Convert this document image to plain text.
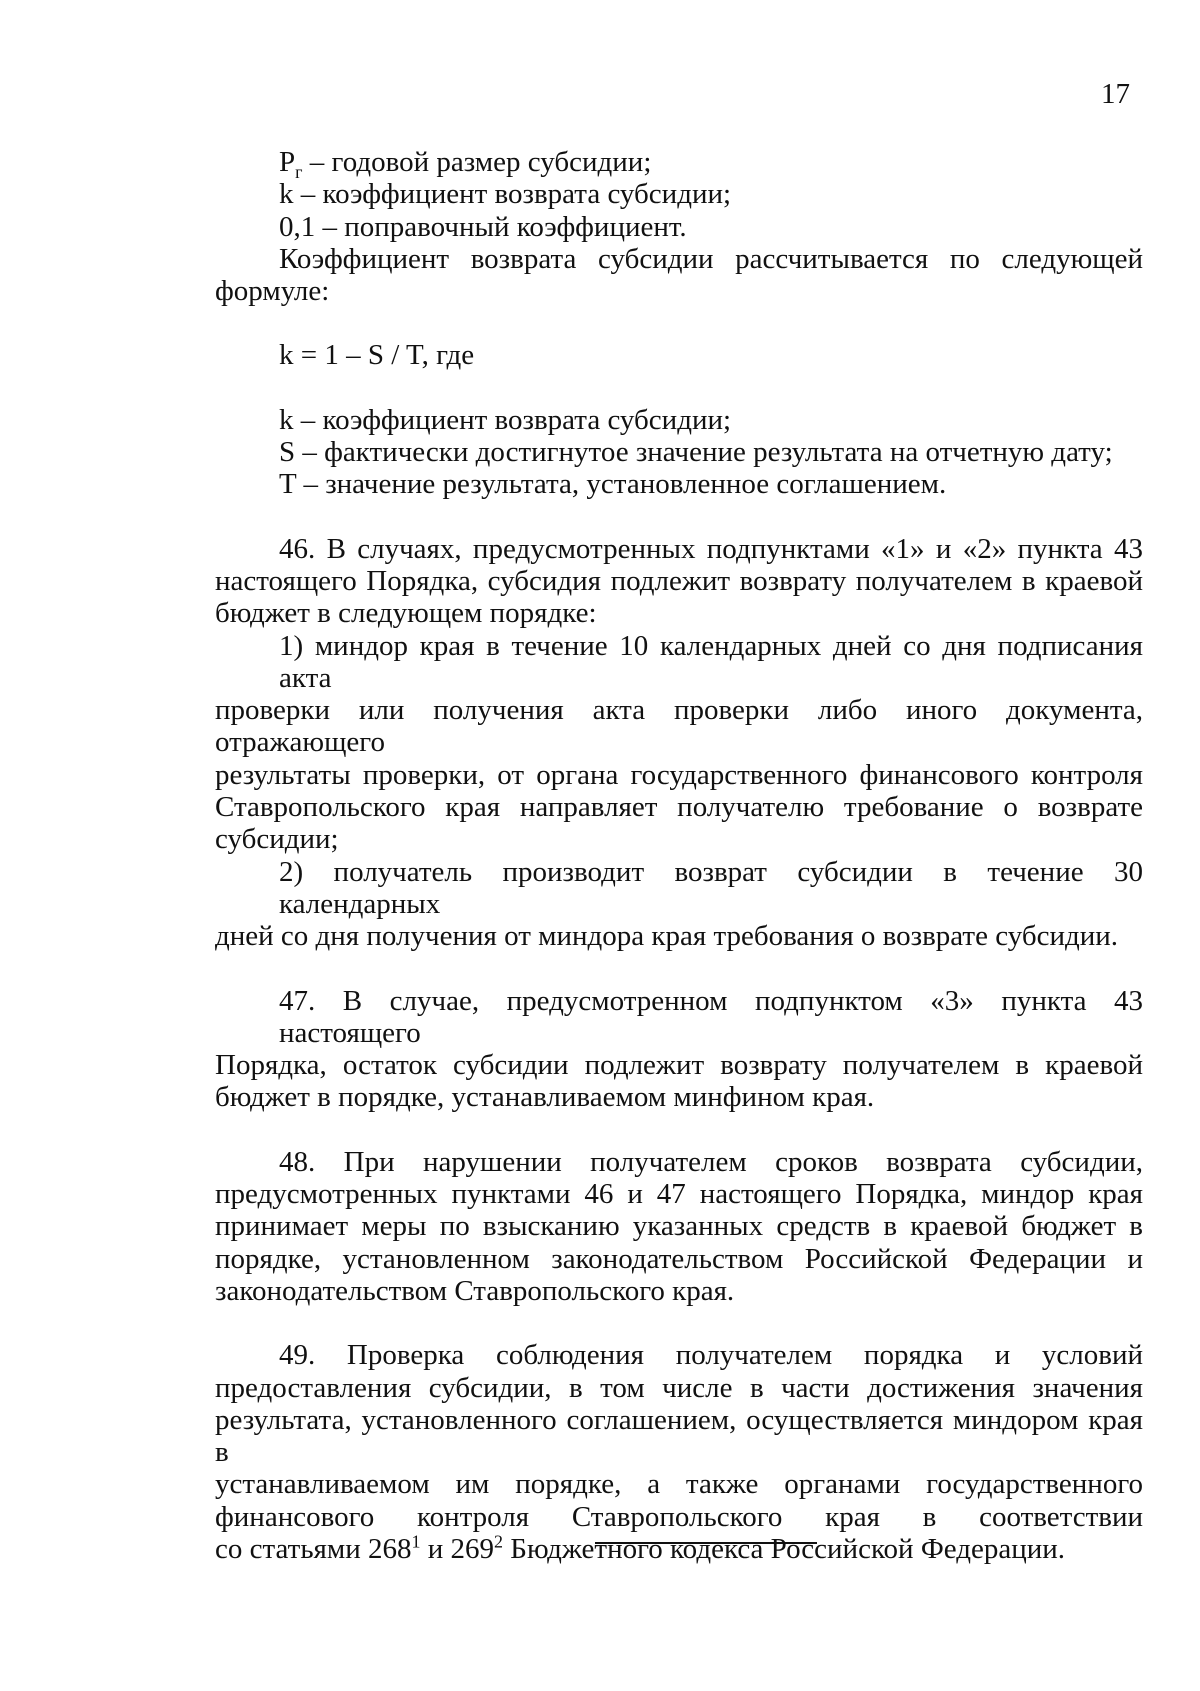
17
$P_г$ – годовой размер субсидии;
k – коэффициент возврата субсидии;
0,1 – поправочный коэффициент.
Коэффициент возврата субсидии рассчитывается по следующей
формуле:
k = 1 – S / T, где
k – коэффициент возврата субсидии;
S – фактически достигнутое значение результата на отчетную дату;
T – значение результата, установленное соглашением.
46. В случаях, предусмотренных подпунктами «1» и «2» пункта 43
настоящего Порядка, субсидия подлежит возврату получателем в краевой
бюджет в следующем порядке:
1) миндор края в течение 10 календарных дней со дня подписания акта
проверки или получения акта проверки либо иного документа, отражающего
результаты проверки, от органа государственного финансового контроля
Ставропольского края направляет получателю требование о возврате
субсидии;
2) получатель производит возврат субсидии в течение 30 календарных
дней со дня получения от миндора края требования о возврате субсидии.
47. В случае, предусмотренном подпунктом «3» пункта 43 настоящего
Порядка, остаток субсидии подлежит возврату получателем в краевой
бюджет в порядке, устанавливаемом минфином края.
48. При нарушении получателем сроков возврата субсидии,
предусмотренных пунктами 46 и 47 настоящего Порядка, миндор края
принимает меры по взысканию указанных средств в краевой бюджет в
порядке, установленном законодательством Российской Федерации и
законодательством Ставропольского края.
49. Проверка соблюдения получателем порядка и условий
предоставления субсидии, в том числе в части достижения значения
результата, установленного соглашением, осуществляется миндором края в
устанавливаемом им порядке, а также органами государственного
финансового контроля Ставропольского края в соответствии
со статьями $268^1$ и $269^2$ Бюджетного кодекса Российской Федерации.
